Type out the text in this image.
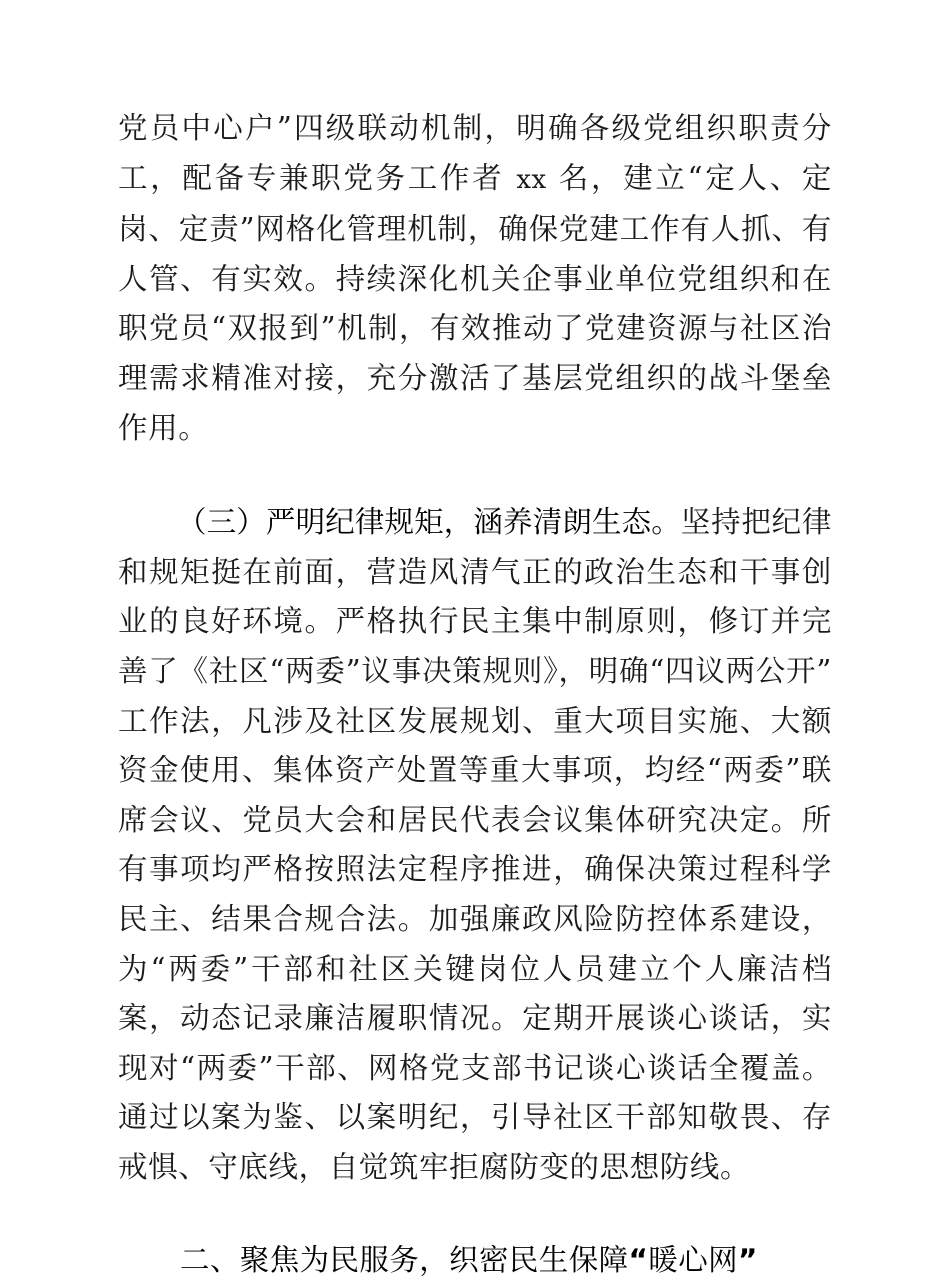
党员中心户”四级联动机制，明确各级党组织职责分工，配备专兼职党务工作者 xx 名，建立“定人、定岗、定责”网格化管理机制，确保党建工作有人抓、有人管、有实效。持续深化机关企事业单位党组织和在职党员“双报到”机制，有效推动了党建资源与社区治理需求精准对接，充分激活了基层党组织的战斗堡垒作用。

（三）严明纪律规矩，涵养清朗生态。坚持把纪律和规矩挺在前面，营造风清气正的政治生态和干事创业的良好环境。严格执行民主集中制原则，修订并完善了《社区“两委”议事决策规则》，明确“四议两公开”工作法，凡涉及社区发展规划、重大项目实施、大额资金使用、集体资产处置等重大事项，均经“两委”联席会议、党员大会和居民代表会议集体研究决定。所有事项均严格按照法定程序推进，确保决策过程科学民主、结果合规合法。加强廉政风险防控体系建设，为“两委”干部和社区关键岗位人员建立个人廉洁档案，动态记录廉洁履职情况。定期开展谈心谈话，实现对“两委”干部、网格党支部书记谈心谈话全覆盖。通过以案为鉴、以案明纪，引导社区干部知敬畏、存戒惧、守底线，自觉筑牢拒腐防变的思想防线。

二、聚焦为民服务，织密民生保障“暖心网”
